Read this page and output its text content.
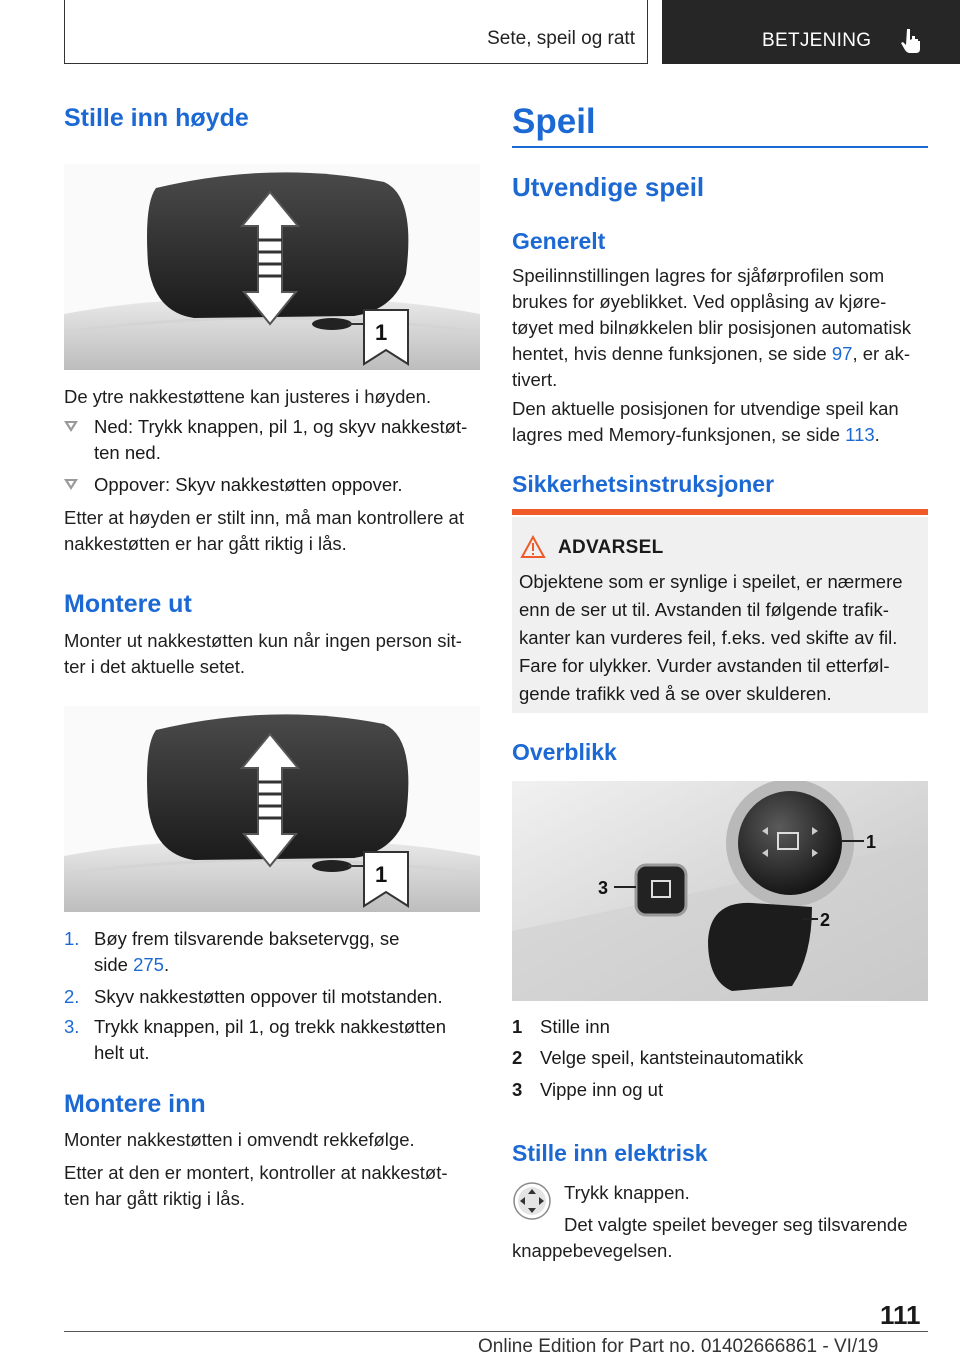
Sete, speil og ratt	BETJENING
Stille inn høyde
1

De ytre nakkestøttene kan justeres i høyden.

Ned: Trykk knappen, pil 1, og skyv nakkestøt-
ten ned.
Oppover: Skyv nakkestøtten oppover.

Etter at høyden er stilt inn, må man kontrollere at

nakkestøtten er har gått riktig i lås.

Montere ut

Monter ut nakkestøtten kun når ingen person sit-

ter i det aktuelle setet.

1
1. Bøy frem tilsvarende baksetervgg, se
side 275.
2. Skyv nakkestøtten oppover til motstanden.
3. Trykk knappen, pil 1, og trekk nakkestøtten
helt ut.
Montere inn

Monter nakkestøtten i omvendt rekkefølge.

Etter at den er montert, kontroller at nakkestøt-

ten har gått riktig i lås.

Speil
Utvendige speil
Generelt

Speilinnstillingen lagres for sjåførprofilen som

brukes for øyeblikket. Ved opplåsing av kjøre-

tøyet med bilnøkkelen blir posisjonen automatisk

hentet, hvis denne funksjonen, se side 97, er ak-

tivert.

Den aktuelle posisjonen for utvendige speil kan

lagres med Memory-funksjonen, se side 113.

Sikkerhetsinstruksjoner
ADVARSEL
Objektene som er synlige i speilet, er nærmere
enn de ser ut til. Avstanden til følgende trafik-
kanter kan vurderes feil, f.eks. ved skifte av fil.
Fare for ulykker. Vurder avstanden til etterføl-
gende trafikk ved å se over skulderen.
Overblikk
1
2
3
1 Stille inn
2 Velge speil, kantsteinautomatikk
3 Vippe inn og ut
Stille inn elektrisk

Trykk knappen.

Det valgte speilet beveger seg tilsvarende

knappebevegelsen.

111
Online Edition for Part no. 01402666861 - VI/19
